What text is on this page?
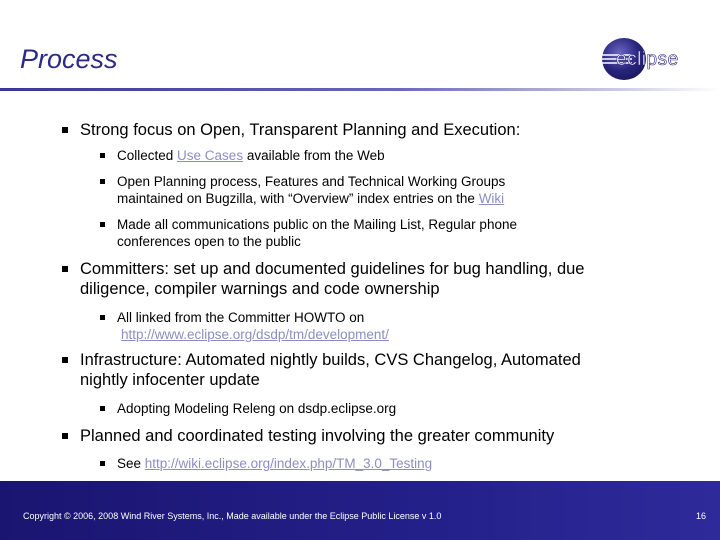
Process	eclipse
Strong focus on Open, Transparent Planning and Execution:
Collected Use Cases available from the Web
Open Planning process, Features and Technical Working Groups
maintained on Bugzilla, with “Overview” index entries on the Wiki
Made all communications public on the Mailing List, Regular phone
conferences open to the public
Committers: set up and documented guidelines for bug handling, due
diligence, compiler warnings and code ownership
All linked from the Committer HOWTO on
http://www.eclipse.org/dsdp/tm/development/
Infrastructure: Automated nightly builds, CVS Changelog, Automated
nightly infocenter update
Adopting Modeling Releng on dsdp.eclipse.org
Planned and coordinated testing involving the greater community
See http://wiki.eclipse.org/index.php/TM_3.0_Testing
Copyright © 2006, 2008 Wind River Systems, Inc., Made available under the Eclipse Public License v 1.0	16
